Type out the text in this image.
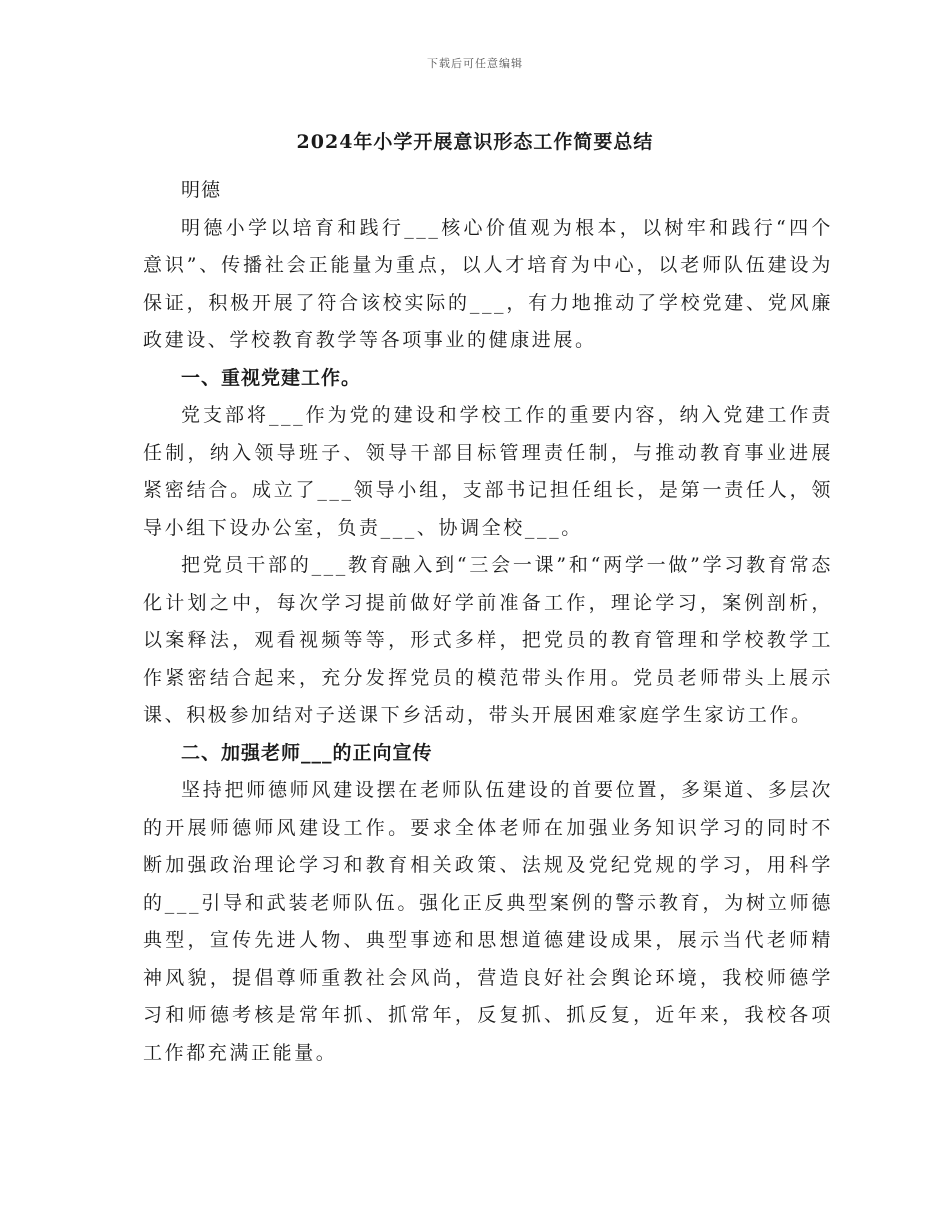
下载后可任意编辑
2024年小学开展意识形态工作简要总结

明德

明德小学以培育和践行___核心价值观为根本，以树牢和践行“四个意识”、传播社会正能量为重点，以人才培育为中心，以老师队伍建设为保证，积极开展了符合该校实际的___，有力地推动了学校党建、党风廉政建设、学校教育教学等各项事业的健康进展。

一、重视党建工作。

党支部将___作为党的建设和学校工作的重要内容，纳入党建工作责任制，纳入领导班子、领导干部目标管理责任制，与推动教育事业进展紧密结合。成立了___领导小组，支部书记担任组长，是第一责任人，领导小组下设办公室，负责___、协调全校___。

把党员干部的___教育融入到“三会一课”和“两学一做”学习教育常态化计划之中，每次学习提前做好学前准备工作，理论学习，案例剖析，以案释法，观看视频等等，形式多样，把党员的教育管理和学校教学工作紧密结合起来，充分发挥党员的模范带头作用。党员老师带头上展示课、积极参加结对子送课下乡活动，带头开展困难家庭学生家访工作。

二、加强老师___的正向宣传

坚持把师德师风建设摆在老师队伍建设的首要位置，多渠道、多层次的开展师德师风建设工作。要求全体老师在加强业务知识学习的同时不断加强政治理论学习和教育相关政策、法规及党纪党规的学习，用科学的___引导和武装老师队伍。强化正反典型案例的警示教育，为树立师德典型，宣传先进人物、典型事迹和思想道德建设成果，展示当代老师精神风貌，提倡尊师重教社会风尚，营造良好社会舆论环境，我校师德学习和师德考核是常年抓、抓常年，反复抓、抓反复，近年来，我校各项工作都充满正能量。
